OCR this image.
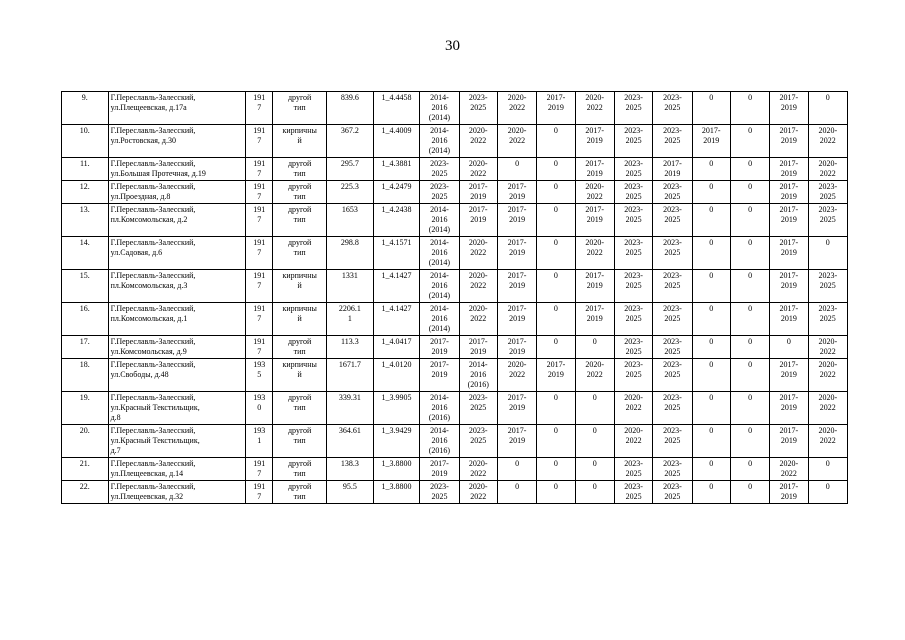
30
9.	Г.Переславль-Залесский,
ул.Плещеевская, д.17а	191
7	другой
тип	839.6	1_4.4458	2014-
2016
(2014)	2023-
2025	2020-
2022	2017-
2019	2020-
2022	2023-
2025	2023-
2025	0	0	2017-
2019	0
10.	Г.Переславль-Залесский,
ул.Ростовская, д.30	191
7	кирпичны
й	367.2	1_4.4009	2014-
2016
(2014)	2020-
2022	2020-
2022	0	2017-
2019	2023-
2025	2023-
2025	2017-
2019	0	2017-
2019	2020-
2022
11.	Г.Переславль-Залесский,
ул.Большая Протечная, д.19	191
7	другой
тип	295.7	1_4.3881	2023-
2025	2020-
2022	0	0	2017-
2019	2023-
2025	2017-
2019	0	0	2017-
2019	2020-
2022
12.	Г.Переславль-Залесский,
ул.Проездная, д.8	191
7	другой
тип	225.3	1_4.2479	2023-
2025	2017-
2019	2017-
2019	0	2020-
2022	2023-
2025	2023-
2025	0	0	2017-
2019	2023-
2025
13.	Г.Переславль-Залесский,
пл.Комсомольская, д.2	191
7	другой
тип	1653	1_4.2438	2014-
2016
(2014)	2017-
2019	2017-
2019	0	2017-
2019	2023-
2025	2023-
2025	0	0	2017-
2019	2023-
2025
14.	Г.Переславль-Залесский,
ул.Садовая, д.6	191
7	другой
тип	298.8	1_4.1571	2014-
2016
(2014)	2020-
2022	2017-
2019	0	2020-
2022	2023-
2025	2023-
2025	0	0	2017-
2019	0
15.	Г.Переславль-Залесский,
пл.Комсомольская, д.3	191
7	кирпичны
й	1331	1_4.1427	2014-
2016
(2014)	2020-
2022	2017-
2019	0	2017-
2019	2023-
2025	2023-
2025	0	0	2017-
2019	2023-
2025
16.	Г.Переславль-Залесский,
пл.Комсомольская, д.1	191
7	кирпичны
й	2206.1
1	1_4.1427	2014-
2016
(2014)	2020-
2022	2017-
2019	0	2017-
2019	2023-
2025	2023-
2025	0	0	2017-
2019	2023-
2025
17.	Г.Переславль-Залесский,
ул.Комсомольская, д.9	191
7	другой
тип	113.3	1_4.0417	2017-
2019	2017-
2019	2017-
2019	0	0	2023-
2025	2023-
2025	0	0	0	2020-
2022
18.	Г.Переславль-Залесский,
ул.Свободы, д.48	193
5	кирпичны
й	1671.7	1_4.0120	2017-
2019	2014-
2016
(2016)	2020-
2022	2017-
2019	2020-
2022	2023-
2025	2023-
2025	0	0	2017-
2019	2020-
2022
19.	Г.Переславль-Залесский,
ул.Красный Текстильщик,
д.8	193
0	другой
тип	339.31	1_3.9905	2014-
2016
(2016)	2023-
2025	2017-
2019	0	0	2020-
2022	2023-
2025	0	0	2017-
2019	2020-
2022
20.	Г.Переславль-Залесский,
ул.Красный Текстильщик,
д.7	193
1	другой
тип	364.61	1_3.9429	2014-
2016
(2016)	2023-
2025	2017-
2019	0	0	2020-
2022	2023-
2025	0	0	2017-
2019	2020-
2022
21.	Г.Переславль-Залесский,
ул.Плещеевская, д.14	191
7	другой
тип	138.3	1_3.8800	2017-
2019	2020-
2022	0	0	0	2023-
2025	2023-
2025	0	0	2020-
2022	0
22.	Г.Переславль-Залесский,
ул.Плещеевская, д.32	191
7	другой
тип	95.5	1_3.8800	2023-
2025	2020-
2022	0	0	0	2023-
2025	2023-
2025	0	0	2017-
2019	0
